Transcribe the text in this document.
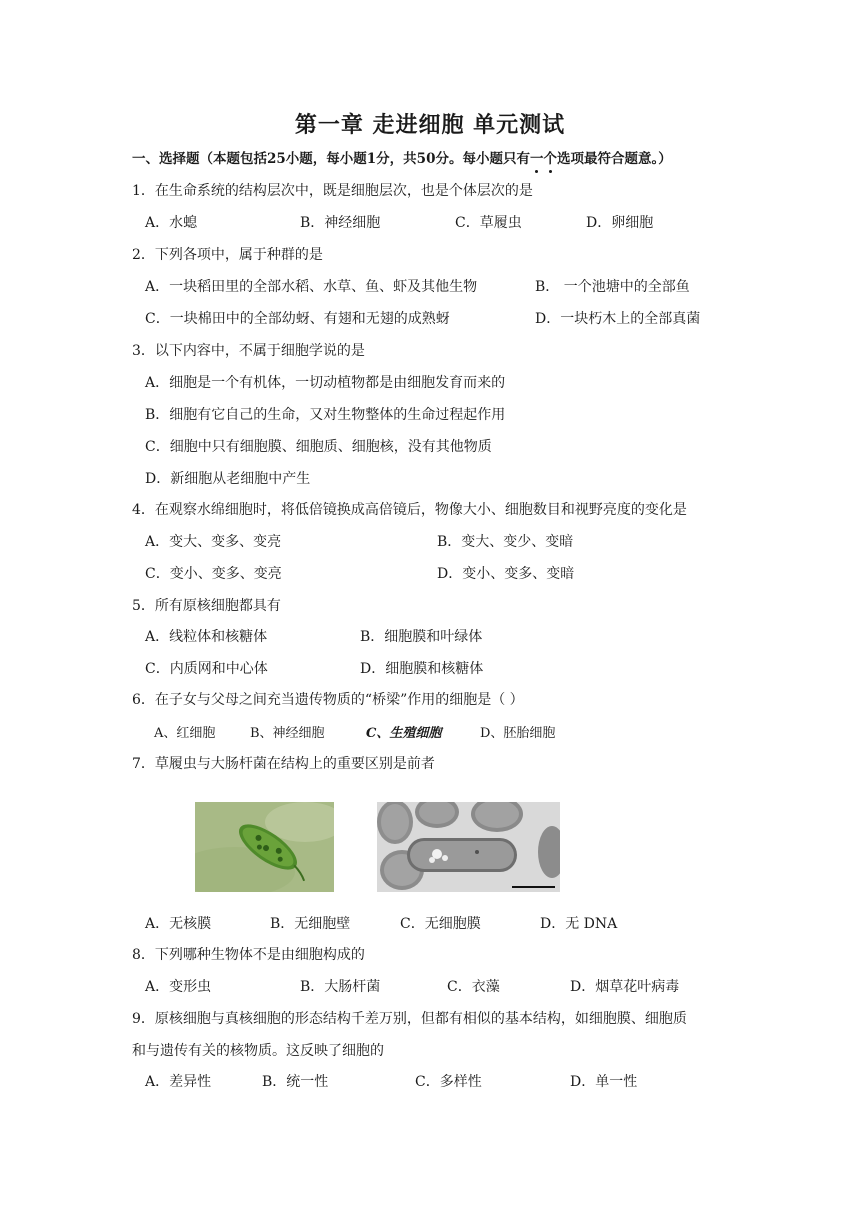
第一章 走进细胞 单元测试
一、选择题（本题包括25小题，每小题1分，共50分。每小题只有一个选项最符合题意。）
1．在生命系统的结构层次中，既是细胞层次，也是个体层次的是
A．水螅	B．神经细胞	C．草履虫	D．卵细胞
2．下列各项中，属于种群的是
A．一块稻田里的全部水稻、水草、鱼、虾及其他生物	B． 一个池塘中的全部鱼
C．一块棉田中的全部幼蚜、有翅和无翅的成熟蚜	D．一块朽木上的全部真菌
3．以下内容中，不属于细胞学说的是
A．细胞是一个有机体，一切动植物都是由细胞发育而来的
B．细胞有它自己的生命，又对生物整体的生命过程起作用
C．细胞中只有细胞膜、细胞质、细胞核，没有其他物质
D．新细胞从老细胞中产生
4．在观察水绵细胞时，将低倍镜换成高倍镜后，物像大小、细胞数目和视野亮度的变化是
A．变大、变多、变亮	B．变大、变少、变暗
C．变小、变多、变亮	D．变小、变多、变暗
5．所有原核细胞都具有
A．线粒体和核糖体	B．细胞膜和叶绿体
C．内质网和中心体	D．细胞膜和核糖体
6．在子女与父母之间充当遗传物质的“桥梁”作用的细胞是（ ）
A、红细胞	B、神经细胞	C、生殖细胞	D、胚胎细胞
7．草履虫与大肠杆菌在结构上的重要区别是前者
A．无核膜	B．无细胞壁	C．无细胞膜	D．无 DNA
8．下列哪种生物体不是由细胞构成的
A．变形虫	B．大肠杆菌	C．衣藻	D．烟草花叶病毒
9．原核细胞与真核细胞的形态结构千差万别，但都有相似的基本结构，如细胞膜、细胞质
和与遗传有关的核物质。这反映了细胞的
A．差异性	B．统一性	C．多样性	D．单一性
